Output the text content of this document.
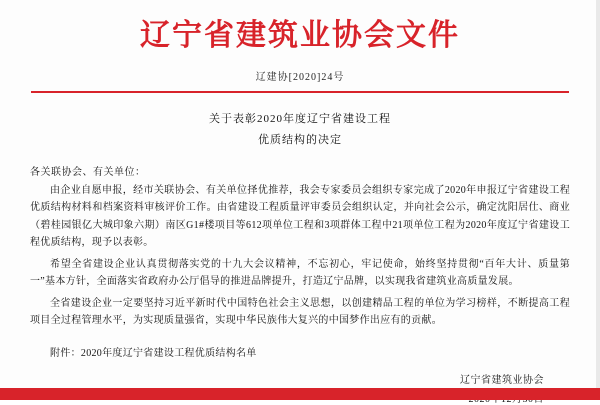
辽宁省建筑业协会文件
辽建协[2020]24号
关于表彰2020年度辽宁省建设工程
优质结构的决定
各关联协会、有关单位：

由企业自愿申报，经市关联协会、有关单位择优推荐，我会专家委员会组织专家完成了2020年申报辽宁省建设工程优质结构材料和档案资料审核评价工作。由省建设工程质量评审委员会组织认定，并向社会公示，确定沈阳居仕、商业（碧桂园银亿大城印象六期）南区G1#楼项目等612项单位工程和3项群体工程中21项单位工程为2020年度辽宁省建设工程优质结构，现予以表彰。

希望全省建设企业认真贯彻落实党的十九大会议精神，不忘初心，牢记使命，始终坚持贯彻“百年大计、质量第一”基本方针，全面落实省政府办公厅倡导的推进品牌提升，打造辽宁品牌，以实现我省建筑业高质量发展。

全省建设企业一定要坚持习近平新时代中国特色社会主义思想，以创建精品工程的单位为学习榜样，不断提高工程项目全过程管理水平，为实现质量强省，实现中华民族伟大复兴的中国梦作出应有的贡献。

附件：2020年度辽宁省建设工程优质结构名单
辽宁省建筑业协会
